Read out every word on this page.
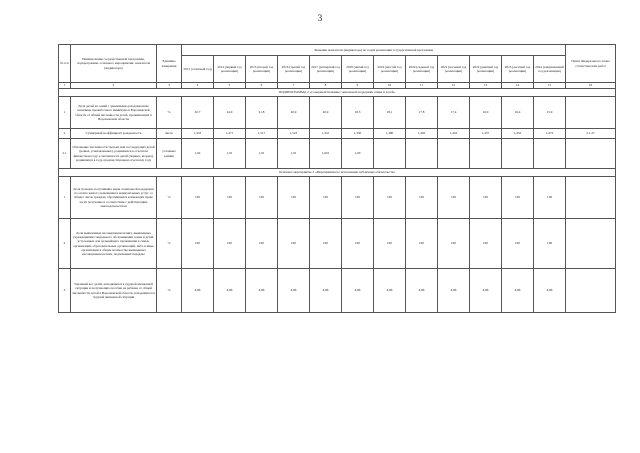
3
№ п/п	Наименование государственной программы, подпрограммы, основного мероприятия, показателя (индикатора)	Единицы измерения	Значения показателя (индикатора) по годам реализации государственной программы												Пункт Федерального плана статистических работ
			2013 (отчетный год)	2014 (первый год реализации)	2015 (второй год реализации)	2016 (третий год реализации)	2017 (четвертый год реализации)	2018 (пятый год реализации)	2019 (шестой год реализации)	2020 (седьмой год реализации)	2021 (восьмой год реализации)	2022 (девятый год реализации)	2023 (десятый год реализации)	2024 (завершающий год реализации)	
1	2	3	4	5	6	7	8	9	10	11	12	13	14	15	16
ПОДПРОГРАММА 2 «Совершенствование социальной поддержки семьи и детей»															
1	Доля детей из семей с денежными доходами ниже величины прожиточного минимума в Воронежской области от общей численности детей, проживающих в Воронежской области	%	20,7	24,9	21,8	20,9	20,9	18,3	18,1	17,8	17,4	16,9	16,4	15,9	
2	Суммарный коэффициент рождаемости	число	1,453	1,471	1,517	1,523	1,341	1,330	1,390	1,402	1,416	1,457	1,452	1,472	2.1.27
2.1	Отношение численности третьих или последующих детей (новых, усыновленных), родившихся в отчетном финансовом году, к численности детей (первых, вторых), родившихся в году, предшествующем отчетному году	условных единиц	1,04	1,01	1,01	1,01	1,001	1,00							
Основное мероприятие 3 «Мероприятия по исполнению публичных обязательств»															
1	Доля граждан, получивших меры социальной поддержки по оплате жилого помещения и коммунальных услуг, от общего числа граждан, обратившихся и имеющих право на их получение в соответствии с действующим законодательством	%	100	100	100	100	100	100	100	100	100	100	100	100	
2	Доля выявленных несовершеннолетних, выявленных учреждениями социального обслуживания семьи и детей, устроенных для дальнейшего проживания в семьи, организаций, образовательных организаций, либо в иные организации в общем количестве выявленных несовершеннолетних, подлежащих передаче	%	100	100	100	100	100	100	100	100	100	100	100	100	
3	Удельный вес детей, находящихся в трудной жизненной ситуации и получающих пособие на ребенка от общей численности детей в Воронежской области, находящихся в трудной жизненной ситуации	%	4,86	4,86	4,86	4,86	4,86	4,86	4,86	4,86	4,86	4,86	4,86	4,86	
